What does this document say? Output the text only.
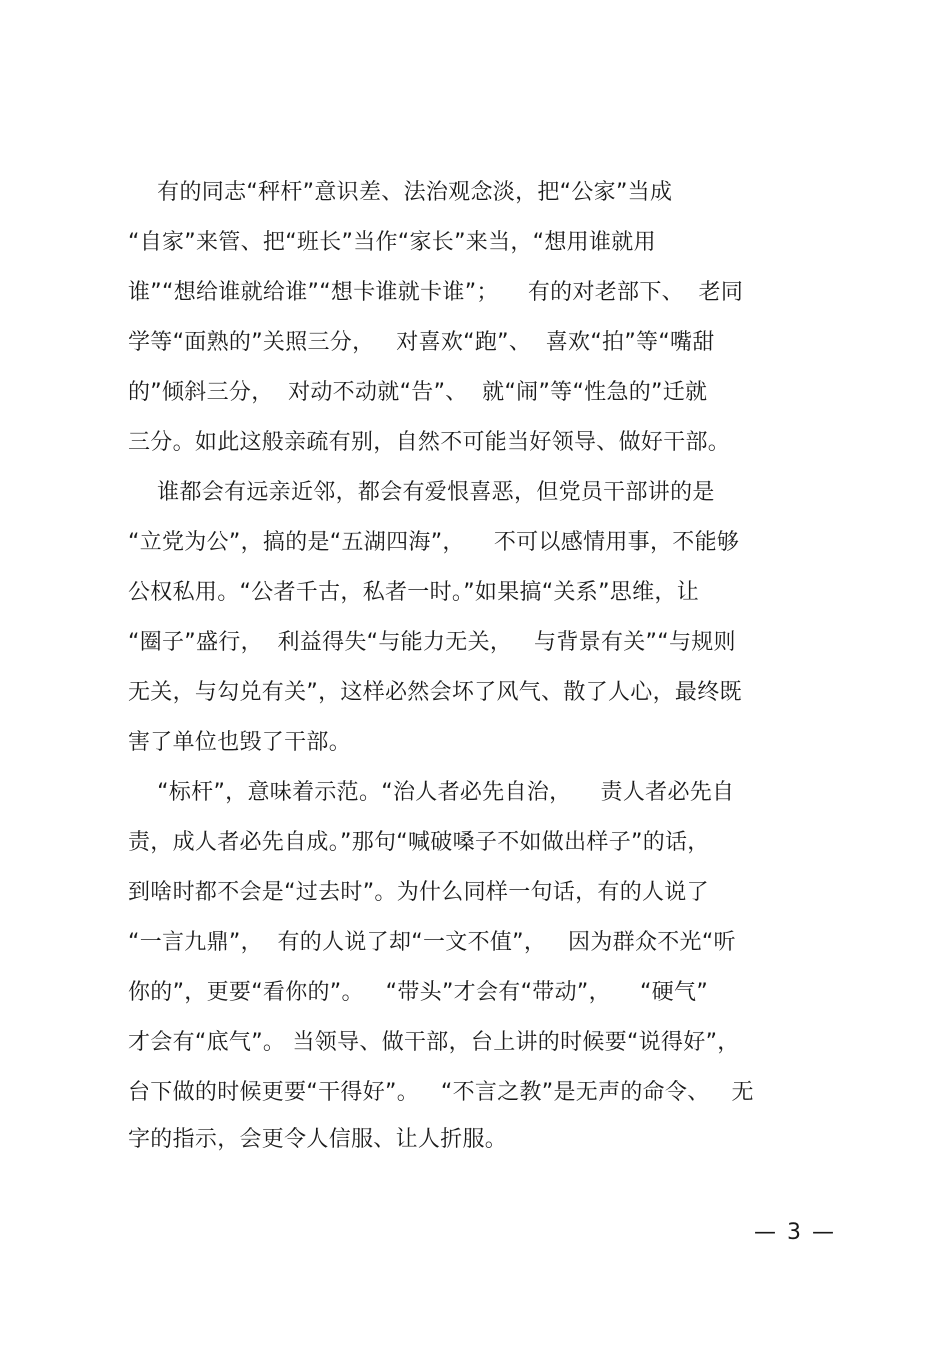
有的同志“秤杆”意识差、法治观念淡，把“公家”当成
“自家”来管、把“班长”当作“家长”来当，“想用谁就用
谁”“想给谁就给谁”“想卡谁就卡谁”；    有的对老部下、  老同
学等“面熟的”关照三分，   对喜欢“跑”、  喜欢“拍”等“嘴甜
的”倾斜三分，  对动不动就“告”、  就“闹”等“性急的”迁就
三分。如此这般亲疏有别，自然不可能当好领导、做好干部。
谁都会有远亲近邻，都会有爱恨喜恶，但党员干部讲的是
“立党为公”，搞的是“五湖四海”，    不可以感情用事，不能够
公权私用。“公者千古，私者一时。”如果搞“关系”思维，让
“圈子”盛行，  利益得失“与能力无关，   与背景有关”“与规则
无关，与勾兑有关”，这样必然会坏了风气、散了人心，最终既
害了单位也毁了干部。
“标杆”，意味着示范。“治人者必先自治，    责人者必先自
责，成人者必先自成。”那句“喊破嗓子不如做出样子”的话，
到啥时都不会是“过去时”。为什么同样一句话，有的人说了
“一言九鼎”，  有的人说了却“一文不值”，   因为群众不光“听
你的”，更要“看你的”。   “带头”才会有“带动”，    “硬气”
才会有“底气”。 当领导、做干部，台上讲的时候要“说得好”，
台下做的时候更要“干得好”。   “不言之教”是无声的命令、   无
字的指示，会更令人信服、让人折服。
— 3 —
